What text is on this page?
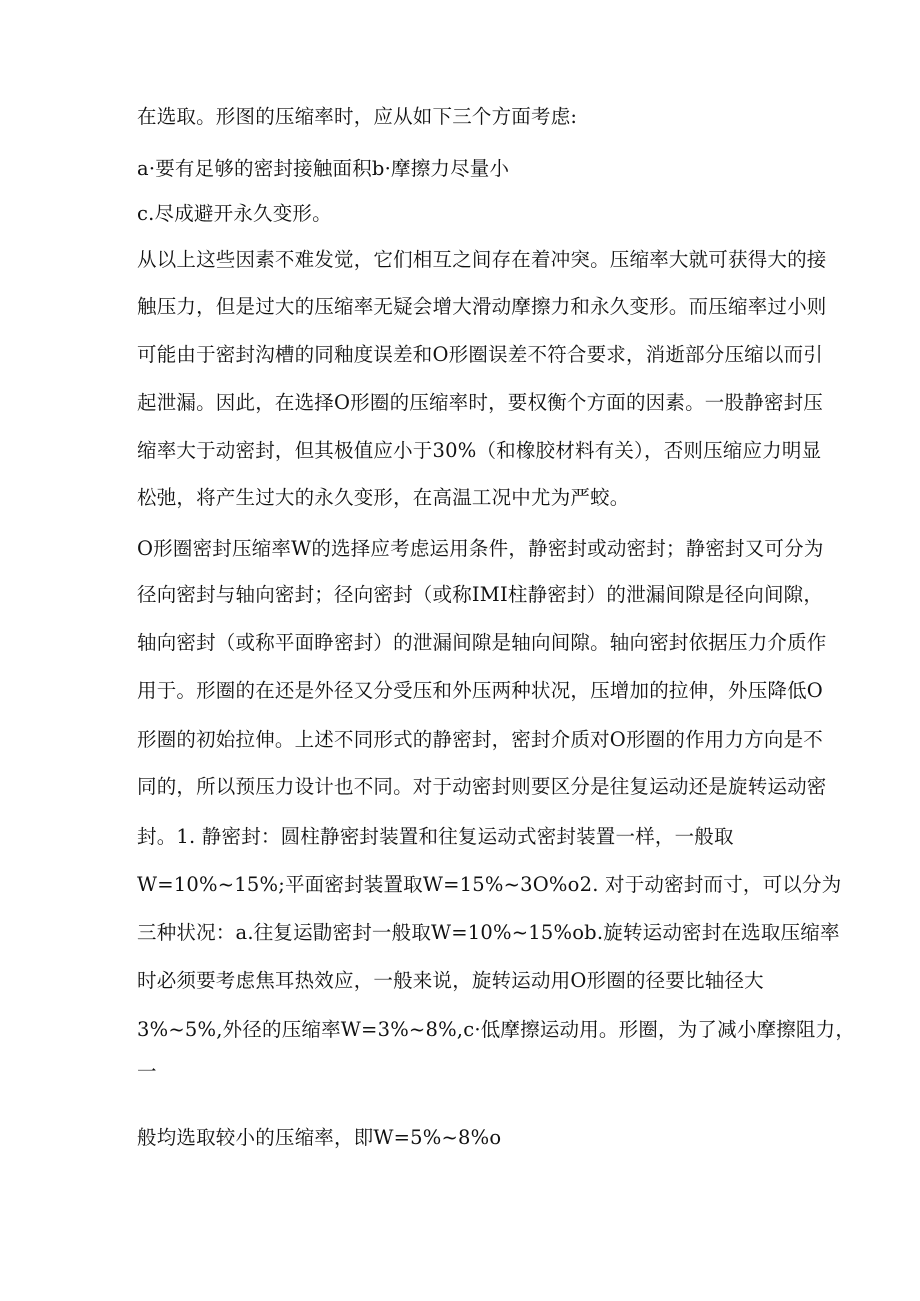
在选取。形图的压缩率时，应从如下三个方面考虑:
a·要有足够的密封接触面积b·摩擦力尽量小
c.尽成避开永久变形。
从以上这些因素不难发觉，它们相互之间存在着冲突。压缩率大就可获得大的接
触压力，但是过大的压缩率无疑会增大滑动摩擦力和永久变形。而压缩率过小则
可能由于密封沟槽的同釉度误差和O形圈误差不符合要求，消逝部分压缩以而引
起泄漏。因此，在选择O形圈的压缩率时，要权衡个方面的因素。一股静密封压
缩率大于动密封，但其极值应小于30%（和橡胶材料有关），否则压缩应力明显
松弛，将产生过大的永久变形，在高温工况中尤为严蛟。
O形圈密封压缩率W的选择应考虑运用条件，静密封或动密封；静密封又可分为
径向密封与轴向密封；径向密封（或称IMI柱静密封）的泄漏间隙是径向间隙，
轴向密封（或称平面睁密封）的泄漏间隙是轴向间隙。轴向密封依据压力介质作
用于。形圈的在还是外径又分受压和外压两种状况，压增加的拉伸，外压降低O
形圈的初始拉伸。上述不同形式的静密封，密封介质对O形圈的作用力方向是不
同的，所以预压力设计也不同。对于动密封则要区分是往复运动还是旋转运动密
封。1. 静密封：圆柱静密封装置和往复运动式密封装置一样，一般取
W=10%~15%;平面密封装置取W=15%~3O%o2. 对于动密封而寸，可以分为
三种状况：a.往复运勖密封一般取W=10%~15%ob.旋转运动密封在选取压缩率
时必须要考虑焦耳热效应，一般来说，旋转运动用O形圈的径要比轴径大
3%~5%,外径的压缩率W=3%~8%,c·低摩擦运动用。形圈，为了减小摩擦阻力，
一
般均选取较小的压缩率，即W=5%~8%o
